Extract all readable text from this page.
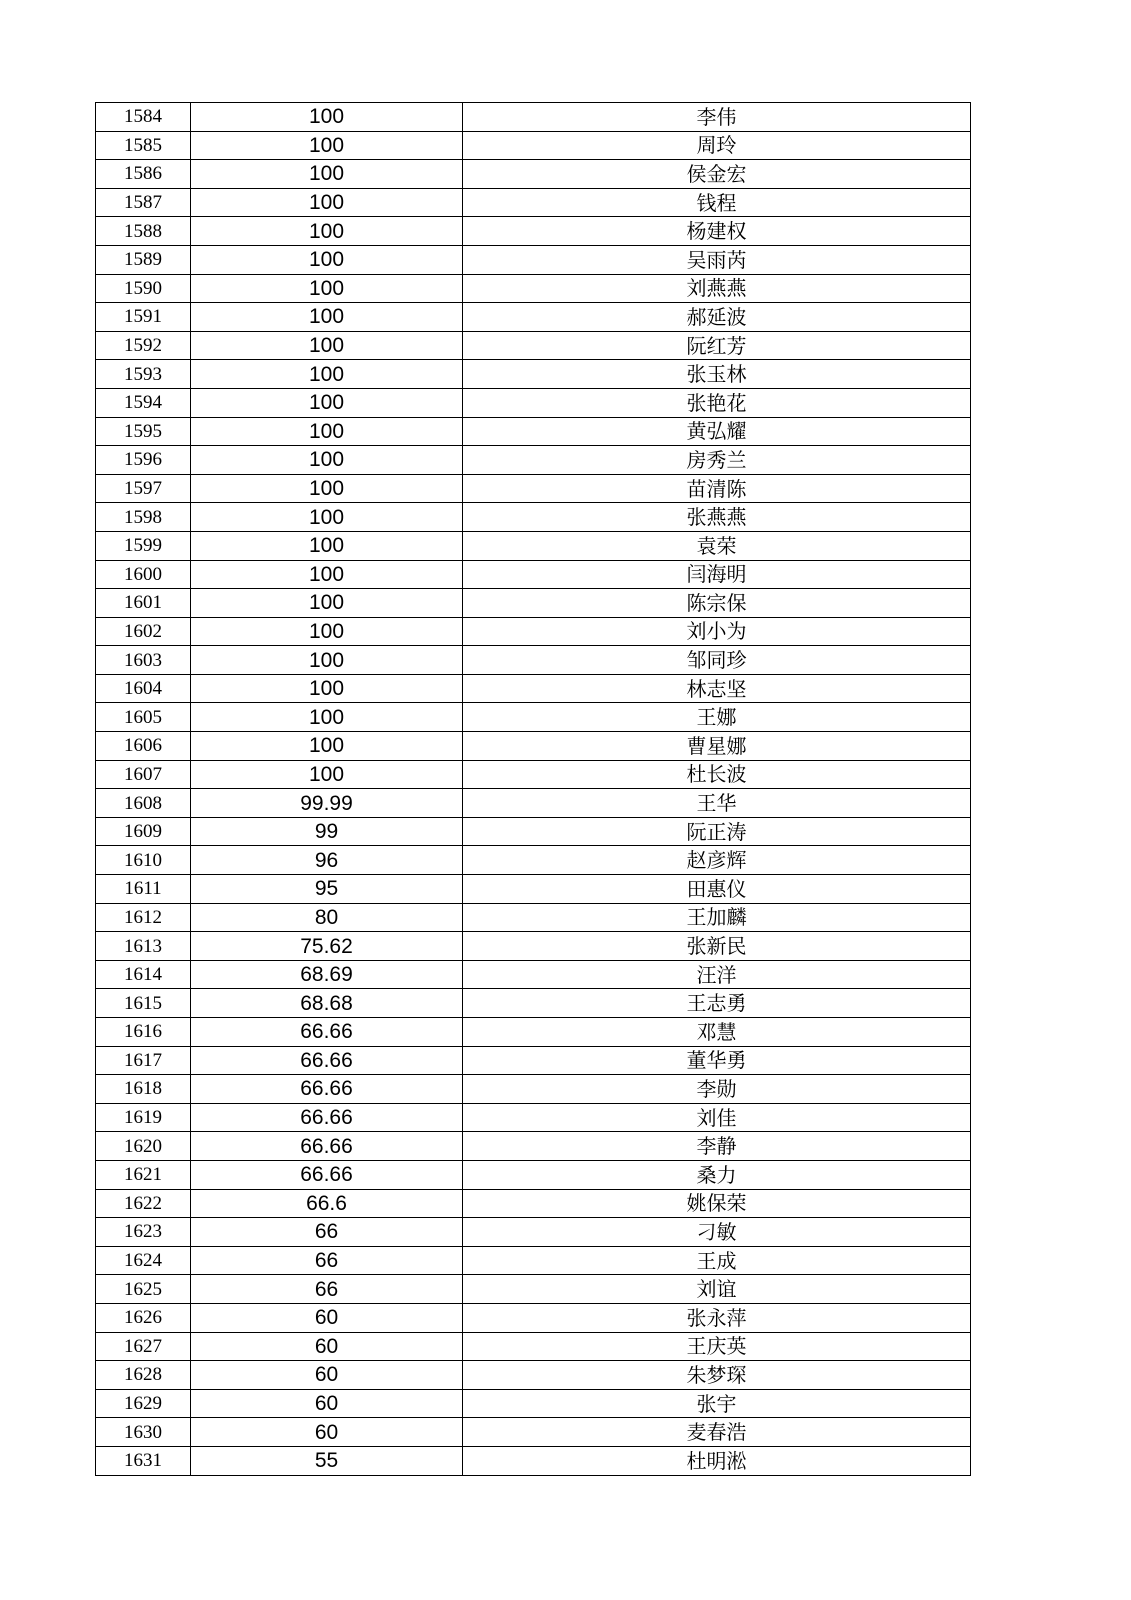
1584	100	李伟
1585	100	周玲
1586	100	侯金宏
1587	100	钱程
1588	100	杨建权
1589	100	吴雨芮
1590	100	刘燕燕
1591	100	郝延波
1592	100	阮红芳
1593	100	张玉林
1594	100	张艳花
1595	100	黄弘耀
1596	100	房秀兰
1597	100	苗清陈
1598	100	张燕燕
1599	100	袁荣
1600	100	闫海明
1601	100	陈宗保
1602	100	刘小为
1603	100	邹同珍
1604	100	林志坚
1605	100	王娜
1606	100	曹星娜
1607	100	杜长波
1608	99.99	王华
1609	99	阮正涛
1610	96	赵彦辉
1611	95	田惠仪
1612	80	王加麟
1613	75.62	张新民
1614	68.69	汪洋
1615	68.68	王志勇
1616	66.66	邓慧
1617	66.66	董华勇
1618	66.66	李勋
1619	66.66	刘佳
1620	66.66	李静
1621	66.66	桑力
1622	66.6	姚保荣
1623	66	刁敏
1624	66	王成
1625	66	刘谊
1626	60	张永萍
1627	60	王庆英
1628	60	朱梦琛
1629	60	张宇
1630	60	麦春浩
1631	55	杜明淞
